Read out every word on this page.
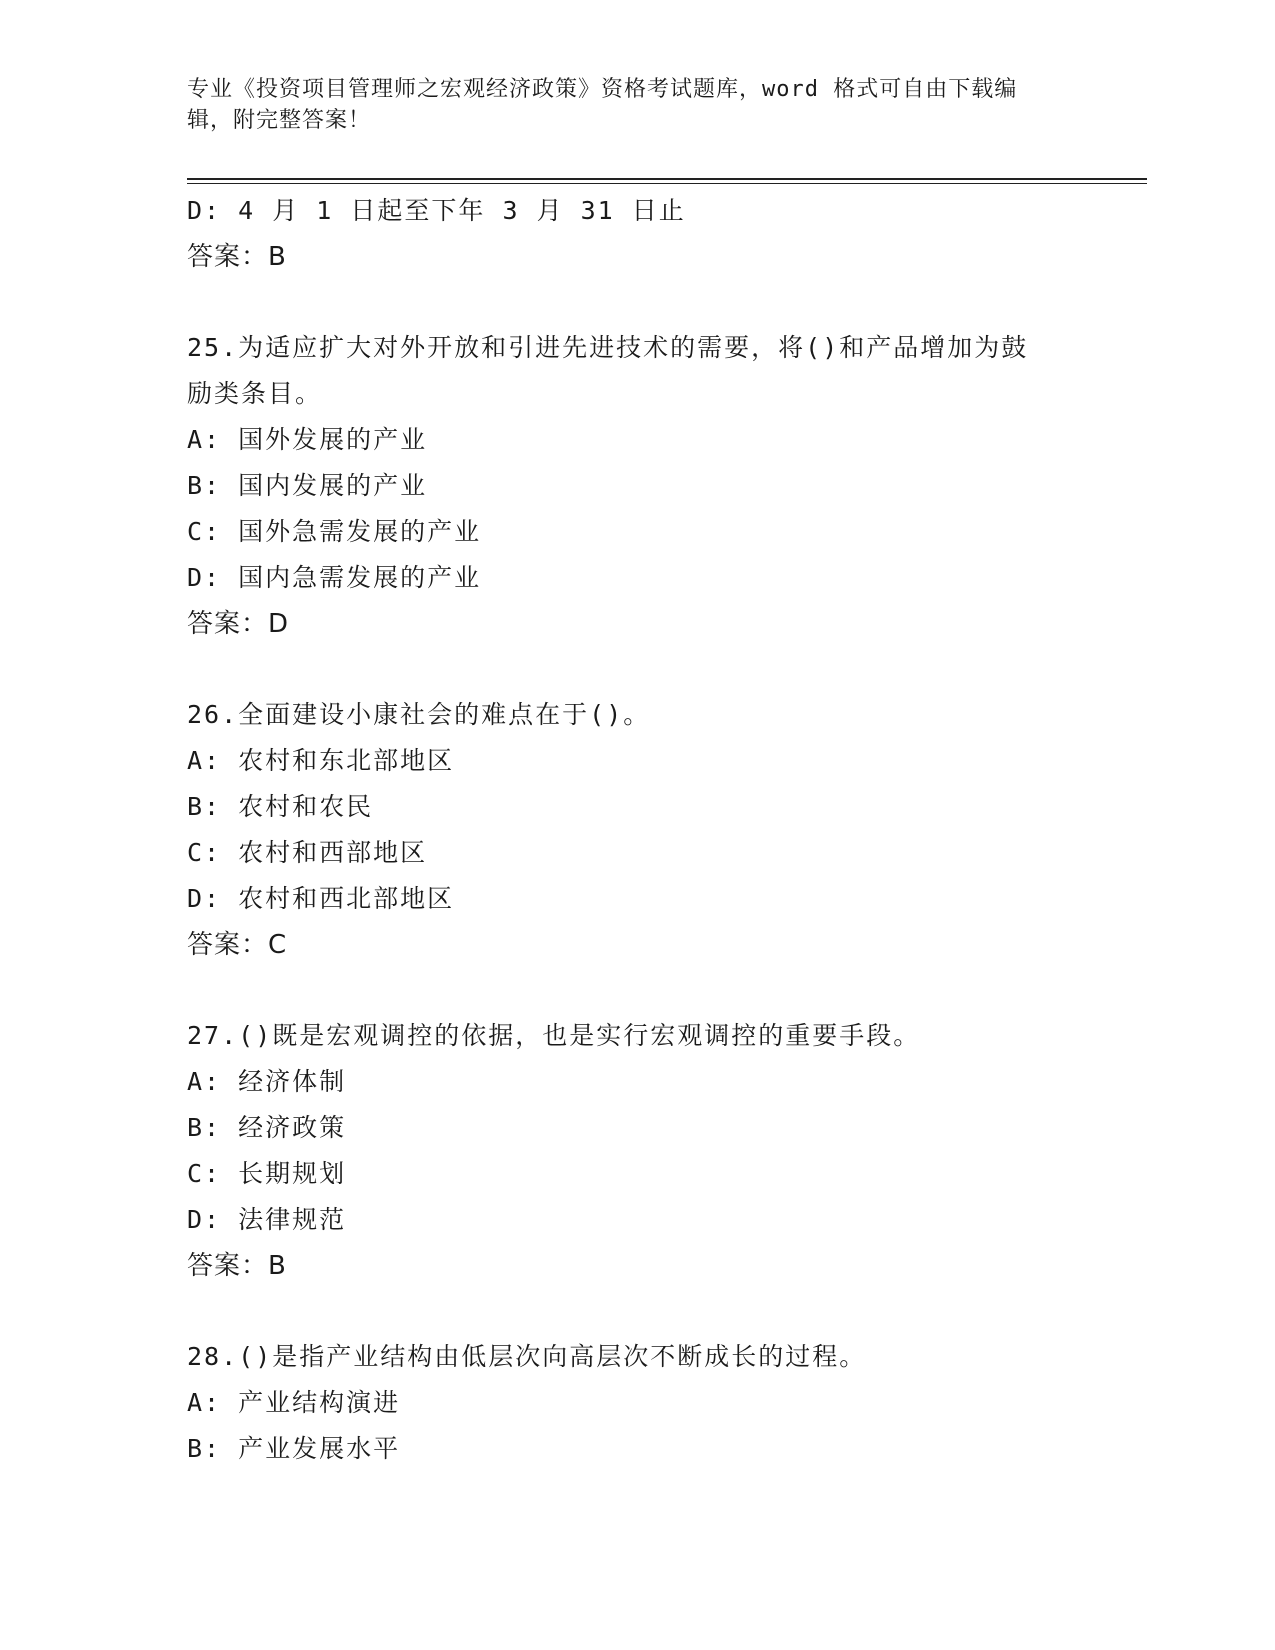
专业《投资项目管理师之宏观经济政策》资格考试题库，word 格式可自由下载编
辑，附完整答案！
D: 4 月 1 日起至下年 3 月 31 日止
答案：B
25.为适应扩大对外开放和引进先进技术的需要，将()和产品增加为鼓
励类条目。
A: 国外发展的产业
B: 国内发展的产业
C: 国外急需发展的产业
D: 国内急需发展的产业
答案：D
26.全面建设小康社会的难点在于()。
A: 农村和东北部地区
B: 农村和农民
C: 农村和西部地区
D: 农村和西北部地区
答案：C
27.()既是宏观调控的依据，也是实行宏观调控的重要手段。
A: 经济体制
B: 经济政策
C: 长期规划
D: 法律规范
答案：B
28.()是指产业结构由低层次向高层次不断成长的过程。
A: 产业结构演进
B: 产业发展水平
